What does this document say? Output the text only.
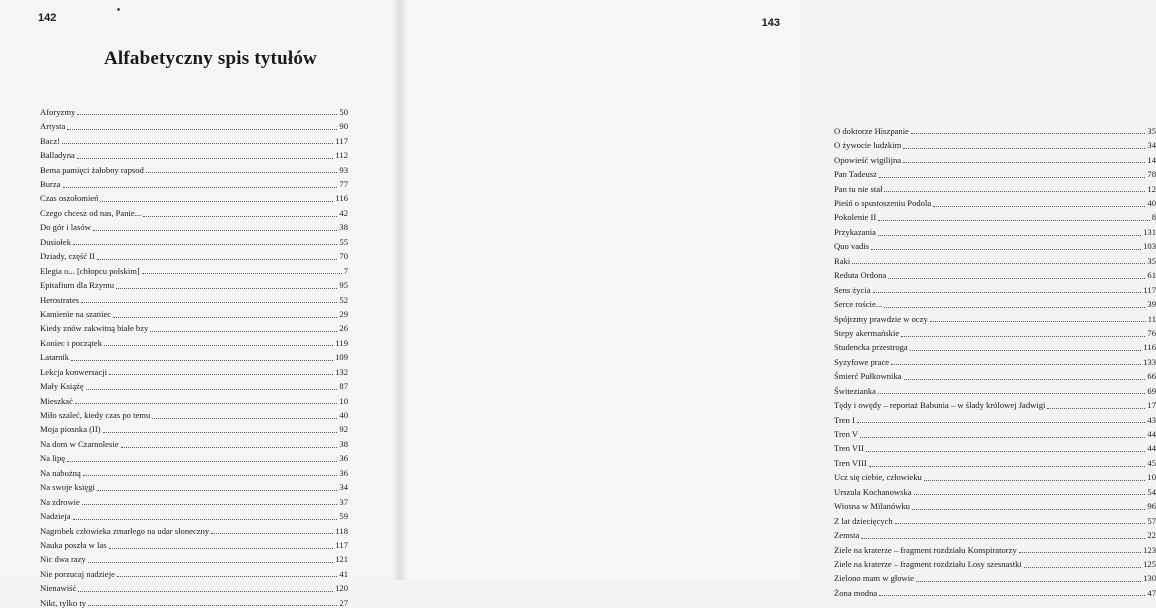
142
Alfabetyczny spis tytułów
Aforyzmy	50
Artysta	90
Bacz!	117
Balladyna	112
Bema pamięci żałobny rapsod	93
Burza	77
Czas oszołomień	116
Czego chcesz od nas, Panie...	42
Do gór i lasów	38
Dusiołek	55
Dziady, część II	70
Elegia o... [chłopcu polskim]	7
Epitafium dla Rzymu	95
Herostrates	52
Kamienie na szaniec	29
Kiedy znów zakwitną białe bzy	26
Koniec i początek	119
Latarnik	109
Lekcja konwersacji	132
Mały Książę	87
Mieszkać	10
Miło szaleć, kiedy czas po temu	40
Moja piosnka (II)	92
Na dom w Czarnolesie	38
Na lipę	36
Na nabożną	36
Na swoje księgi	34
Na zdrowie	37
Nadzieja	59
Nagrobek człowieka zmarłego na udar słoneczny	118
Nauka poszła w las	117
Nic dwa razy	121
Nie porzucaj nadzieje	41
Nienawiść	120
Nikt, tylko ty	27
143
O doktorze Hiszpanie	35
O żywocie ludzkim	34
Opowieść wigilijna	14
Pan Tadeusz	78
Pan tu nie stał	12
Pieśń o spustoszeniu Podola	40
Pokolenie II	8
Przykazania	131
Quo vadis	103
Raki	35
Reduta Ordona	61
Sens życia	117
Serce roście...	39
Spójrzmy prawdzie w oczy	11
Stepy akermańskie	76
Studencka przestroga	116
Syzyfowe prace	133
Śmierć Pułkownika	66
Świtezianka	69
Tędy i owędy – reportaż Babunia – w ślady królowej Jadwigi	17
Tren I	43
Tren V	44
Tren VII	44
Tren VIII	45
Ucz się ciebie, człowieku	10
Urszula Kochanowska	54
Wiosna w Milanówku	96
Z lat dziecięcych	57
Zemsta	22
Ziele na kraterze – fragment rozdziału Konspiratorzy	123
Ziele na kraterze – fragment rozdziału Losy szesnastki	125
Zielono mam w głowie	130
Żona modna	47
